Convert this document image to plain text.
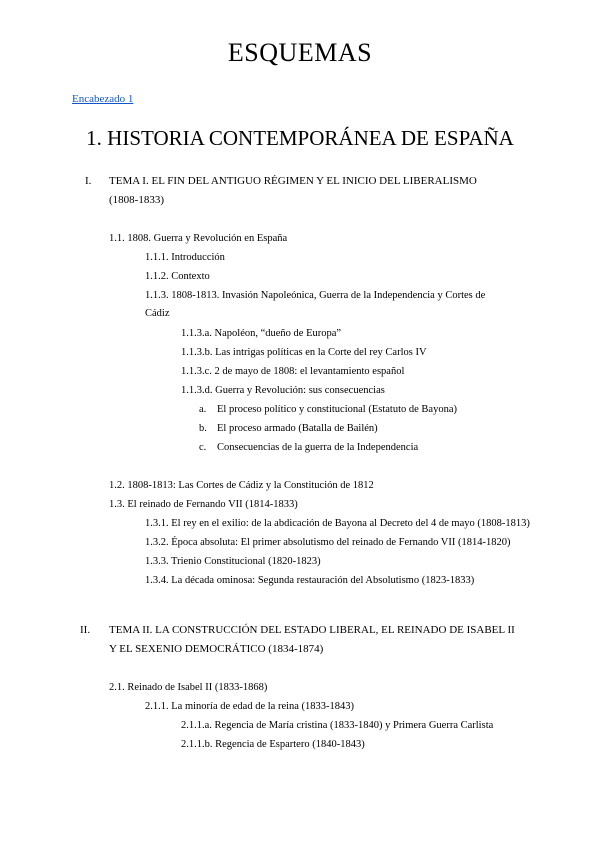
ESQUEMAS
Encabezado 1
1. HISTORIA CONTEMPORÁNEA DE ESPAÑA
I. TEMA I. EL FIN DEL ANTIGUO RÉGIMEN Y EL INICIO DEL LIBERALISMO
(1808-1833)
1.1. 1808. Guerra y Revolución en España
1.1.1. Introducción
1.1.2. Contexto
1.1.3. 1808-1813. Invasión Napoleónica, Guerra de la Independencia y Cortes de
Cádiz
1.1.3.a. Napoléon, “dueño de Europa”
1.1.3.b. Las intrigas políticas en la Corte del rey Carlos IV
1.1.3.c. 2 de mayo de 1808: el levantamiento español
1.1.3.d. Guerra y Revolución: sus consecuencias
a. El proceso político y constitucional (Estatuto de Bayona)
b. El proceso armado (Batalla de Bailén)
c. Consecuencias de la guerra de la Independencia
1.2. 1808-1813: Las Cortes de Cádiz y la Constitución de 1812
1.3. El reinado de Fernando VII (1814-1833)
1.3.1. El rey en el exilio: de la abdicación de Bayona al Decreto del 4 de mayo (1808-1813)
1.3.2. Época absoluta: El primer absolutismo del reinado de Fernando VII (1814-1820)
1.3.3. Trienio Constitucional (1820-1823)
1.3.4. La década ominosa: Segunda restauración del Absolutismo (1823-1833)
II. TEMA II. LA CONSTRUCCIÓN DEL ESTADO LIBERAL, EL REINADO DE ISABEL II
Y EL SEXENIO DEMOCRÁTICO (1834-1874)
2.1. Reinado de Isabel II (1833-1868)
2.1.1. La minoría de edad de la reina (1833-1843)
2.1.1.a. Regencia de María cristina (1833-1840) y Primera Guerra Carlista
2.1.1.b. Regencia de Espartero (1840-1843)
